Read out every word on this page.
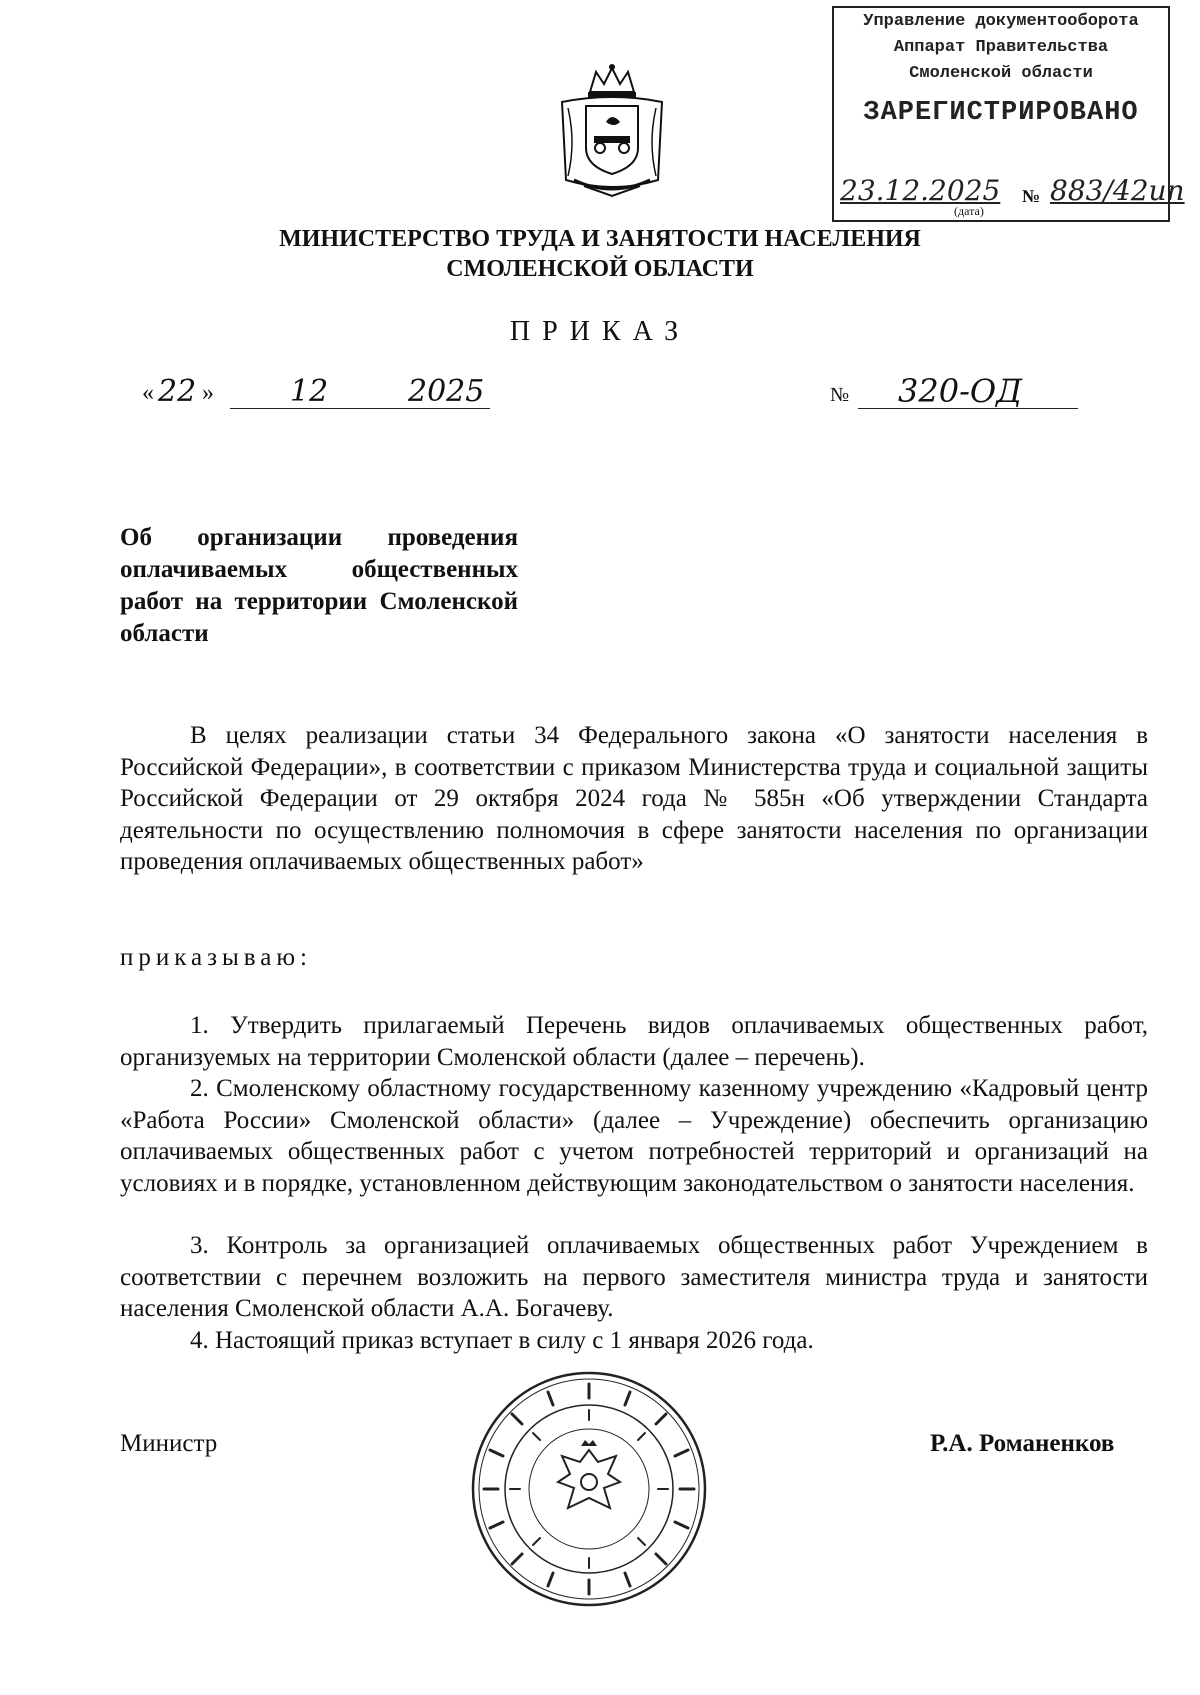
Управление документооборота
Аппарат Правительства
Смоленской области
ЗАРЕГИСТРИРОВАНО
23.12.2025 № 883/42ип
(дата)
МИНИСТЕРСТВО ТРУДА И ЗАНЯТОСТИ НАСЕЛЕНИЯ
СМОЛЕНСКОЙ ОБЛАСТИ
ПРИКАЗ
« 22 »	12	2025	№ 320-ОД
Об организации проведения оплачиваемых общественных работ на территории Смоленской области
В целях реализации статьи 34 Федерального закона «О занятости населения в Российской Федерации», в соответствии с приказом Министерства труда и социальной защиты Российской Федерации от 29 октября 2024 года № 585н «Об утверждении Стандарта деятельности по осуществлению полномочия в сфере занятости населения по организации проведения оплачиваемых общественных работ»
приказываю:
1. Утвердить прилагаемый Перечень видов оплачиваемых общественных работ, организуемых на территории Смоленской области (далее – перечень).
2. Смоленскому областному государственному казенному учреждению «Кадровый центр «Работа России» Смоленской области» (далее – Учреждение) обеспечить организацию оплачиваемых общественных работ с учетом потребностей территорий и организаций на условиях и в порядке, установленном действующим законодательством о занятости населения.
3. Контроль за организацией оплачиваемых общественных работ Учреждением в соответствии с перечнем возложить на первого заместителя министра труда и занятости населения Смоленской области А.А. Богачеву.
4. Настоящий приказ вступает в силу с 1 января 2026 года.
Министр	Р.А. Романенков
